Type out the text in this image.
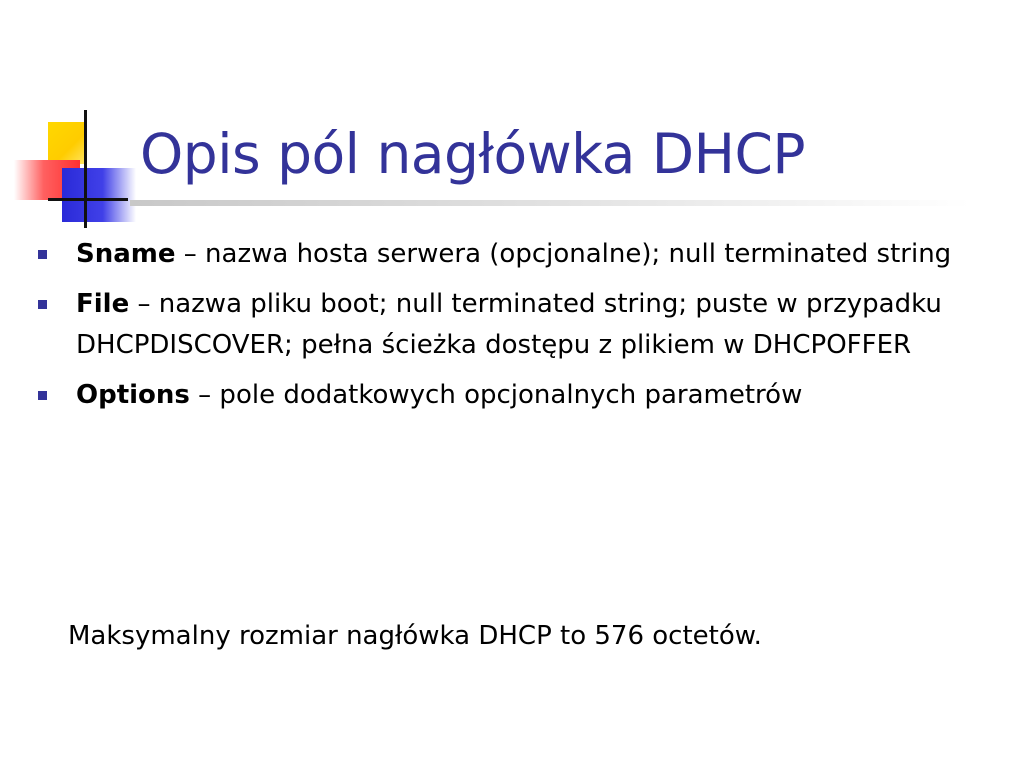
Opis pól nagłówka DHCP
Sname – nazwa hosta serwera (opcjonalne); null terminated string
File – nazwa pliku boot; null terminated string; puste w przypadku DHCPDISCOVER; pełna ścieżka dostępu z plikiem w DHCPOFFER
Options – pole dodatkowych opcjonalnych parametrów

Maksymalny rozmiar nagłówka DHCP to 576 octetów.
